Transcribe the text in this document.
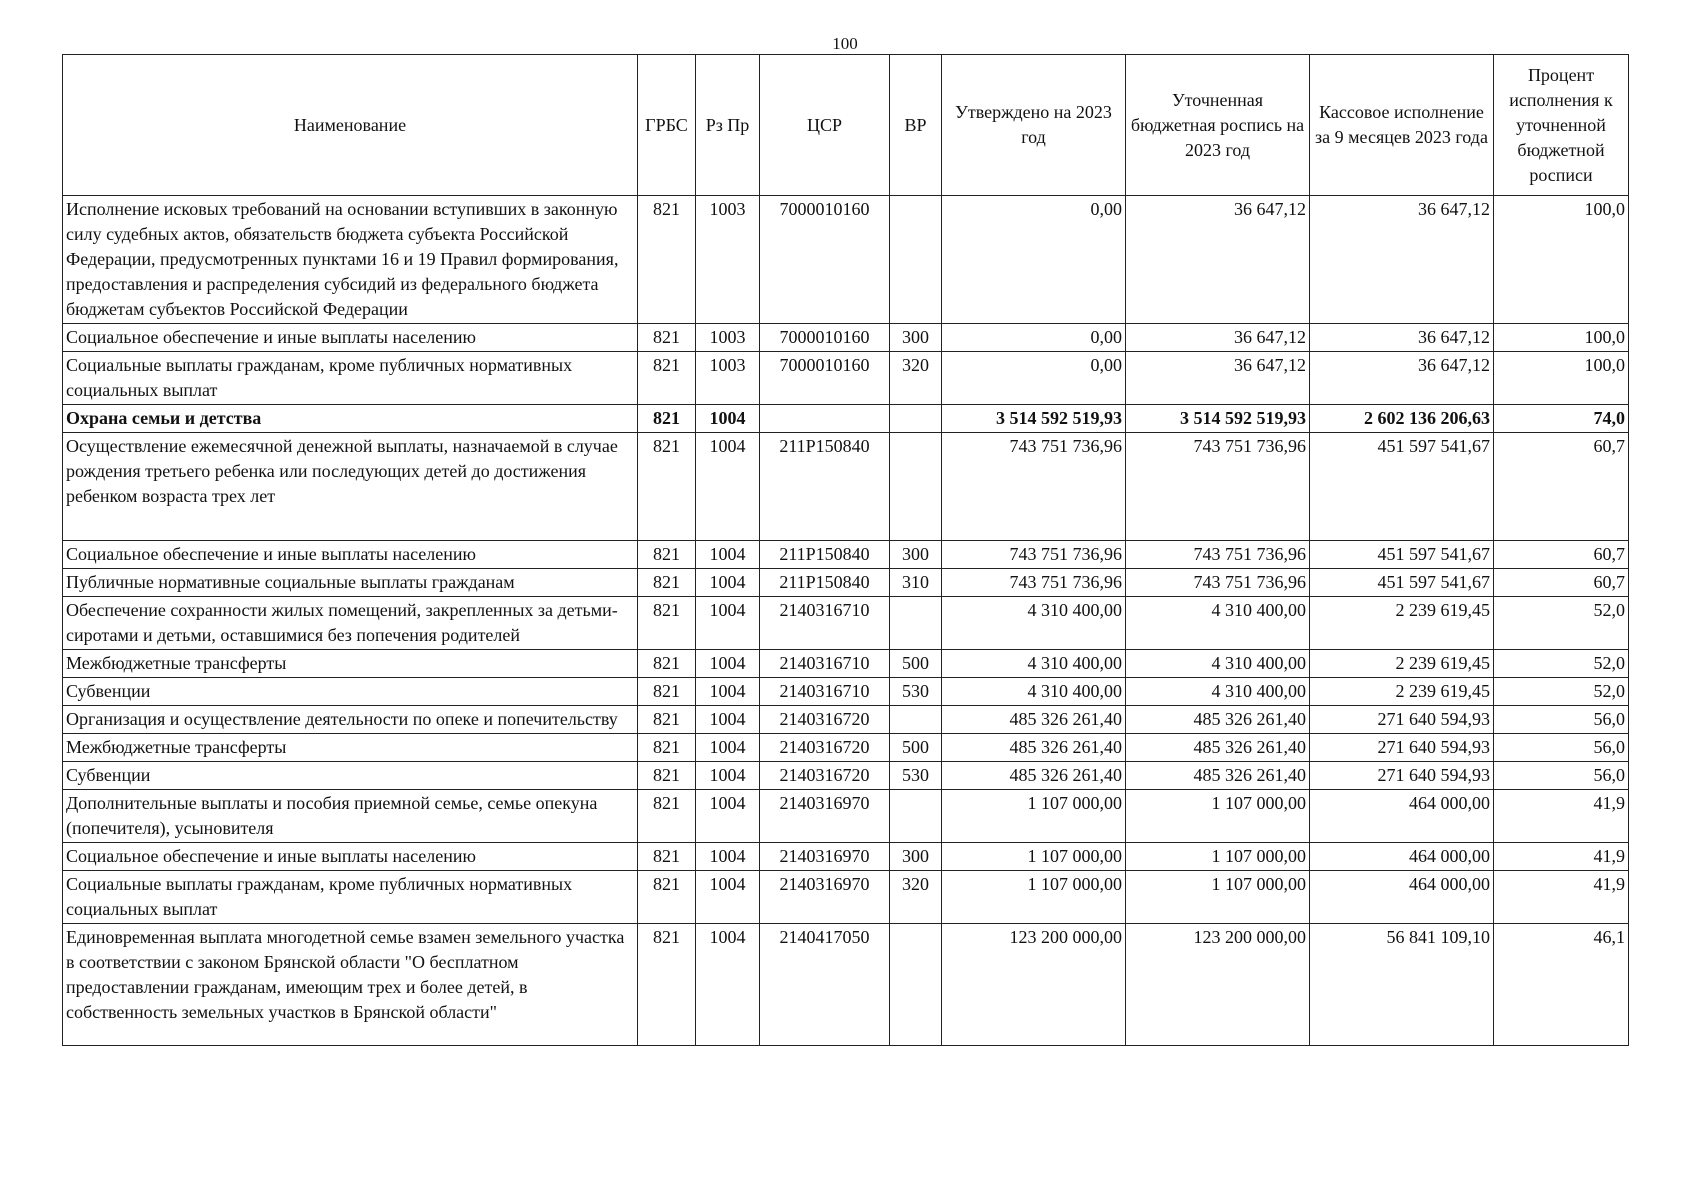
100
Наименование	ГРБС	Рз Пр	ЦСР	ВР	Утверждено на 2023 год	Уточненная бюджетная роспись на 2023 год	Кассовое исполнение за 9 месяцев 2023 года	Процент исполнения к уточненной бюджетной росписи
Исполнение исковых требований на основании вступивших в законную силу судебных актов, обязательств бюджета субъекта Российской Федерации, предусмотренных пунктами 16 и 19 Правил формирования, предоставления и распределения субсидий из федерального бюджета бюджетам субъектов Российской Федерации	821	1003	7000010160		0,00	36 647,12	36 647,12	100,0
Социальное обеспечение и иные выплаты населению	821	1003	7000010160	300	0,00	36 647,12	36 647,12	100,0
Социальные выплаты гражданам, кроме публичных нормативных социальных выплат	821	1003	7000010160	320	0,00	36 647,12	36 647,12	100,0
Охрана семьи и детства	821	1004			3 514 592 519,93	3 514 592 519,93	2 602 136 206,63	74,0
Осуществление ежемесячной денежной выплаты, назначаемой в случае рождения третьего ребенка или последующих детей до достижения ребенком возраста трех лет	821	1004	211P150840		743 751 736,96	743 751 736,96	451 597 541,67	60,7
Социальное обеспечение и иные выплаты населению	821	1004	211P150840	300	743 751 736,96	743 751 736,96	451 597 541,67	60,7
Публичные нормативные социальные выплаты гражданам	821	1004	211P150840	310	743 751 736,96	743 751 736,96	451 597 541,67	60,7
Обеспечение сохранности жилых помещений, закрепленных за детьми-сиротами и детьми, оставшимися без попечения родителей	821	1004	2140316710		4 310 400,00	4 310 400,00	2 239 619,45	52,0
Межбюджетные трансферты	821	1004	2140316710	500	4 310 400,00	4 310 400,00	2 239 619,45	52,0
Субвенции	821	1004	2140316710	530	4 310 400,00	4 310 400,00	2 239 619,45	52,0
Организация и осуществление деятельности по опеке и попечительству	821	1004	2140316720		485 326 261,40	485 326 261,40	271 640 594,93	56,0
Межбюджетные трансферты	821	1004	2140316720	500	485 326 261,40	485 326 261,40	271 640 594,93	56,0
Субвенции	821	1004	2140316720	530	485 326 261,40	485 326 261,40	271 640 594,93	56,0
Дополнительные выплаты и пособия приемной семье, семье опекуна (попечителя), усыновителя	821	1004	2140316970		1 107 000,00	1 107 000,00	464 000,00	41,9
Социальное обеспечение и иные выплаты населению	821	1004	2140316970	300	1 107 000,00	1 107 000,00	464 000,00	41,9
Социальные выплаты гражданам, кроме публичных нормативных социальных выплат	821	1004	2140316970	320	1 107 000,00	1 107 000,00	464 000,00	41,9
Единовременная выплата многодетной семье взамен земельного участка в соответствии с законом Брянской области "О бесплатном предоставлении гражданам, имеющим трех и более детей, в собственность земельных участков в Брянской области"	821	1004	2140417050		123 200 000,00	123 200 000,00	56 841 109,10	46,1
